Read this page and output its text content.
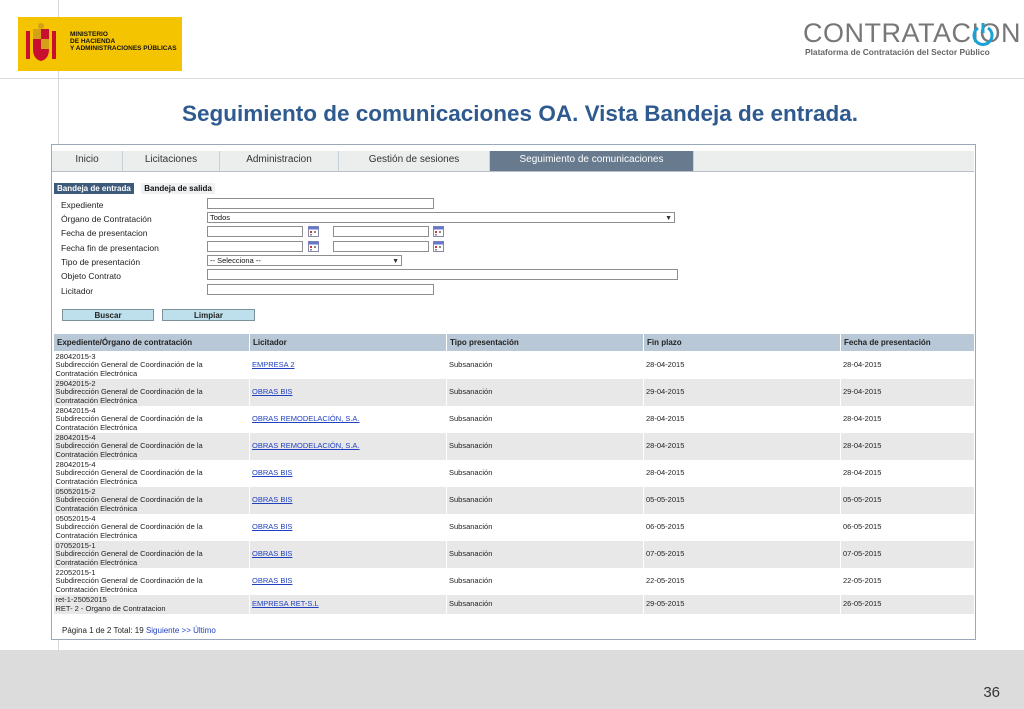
MINISTERIO
DE HACIENDA
Y ADMINISTRACIONES PÚBLICAS
CONTRATACION
Plataforma de Contratación del Sector Público
Seguimiento de comunicaciones OA. Vista Bandeja de entrada.
Inicio	Licitaciones	Administracion	Gestión de sesiones	Seguimiento de comunicaciones
Bandeja de entrada Bandeja de salida
Expediente
Órgano de Contratación
Fecha de presentacion
Fecha fin de presentacion
Tipo de presentación
Objeto Contrato
Licitador
Todos	▼
-- Selecciona --	▼
Buscar	Limpiar
Expediente/Órgano de contratación	Licitador	Tipo presentación	Fin plazo	Fecha de presentación

28042015-3
Subdirección General de Coordinación de la Contratación Electrónica	EMPRESA 2	Subsanación	28-04-2015	28-04-2015

29042015-2
Subdirección General de Coordinación de la Contratación Electrónica	OBRAS BIS	Subsanación	29-04-2015	29-04-2015

28042015-4
Subdirección General de Coordinación de la Contratación Electrónica	OBRAS REMODELACIÓN, S.A.	Subsanación	28-04-2015	28-04-2015

28042015-4
Subdirección General de Coordinación de la Contratación Electrónica	OBRAS REMODELACIÓN, S.A.	Subsanación	28-04-2015	28-04-2015

28042015-4
Subdirección General de Coordinación de la Contratación Electrónica	OBRAS BIS	Subsanación	28-04-2015	28-04-2015

05052015-2
Subdirección General de Coordinación de la Contratación Electrónica	OBRAS BIS	Subsanación	05-05-2015	05-05-2015

05052015-4
Subdirección General de Coordinación de la Contratación Electrónica	OBRAS BIS	Subsanación	06-05-2015	06-05-2015

07052015-1
Subdirección General de Coordinación de la Contratación Electrónica	OBRAS BIS	Subsanación	07-05-2015	07-05-2015

22052015-1
Subdirección General de Coordinación de la Contratación Electrónica	OBRAS BIS	Subsanación	22-05-2015	22-05-2015

ret-1-25052015
RET- 2 - Organo de Contratacion	EMPRESA RET-S.L	Subsanación	29-05-2015	26-05-2015
Página 1 de 2 Total: 19 Siguiente >> Último
36
